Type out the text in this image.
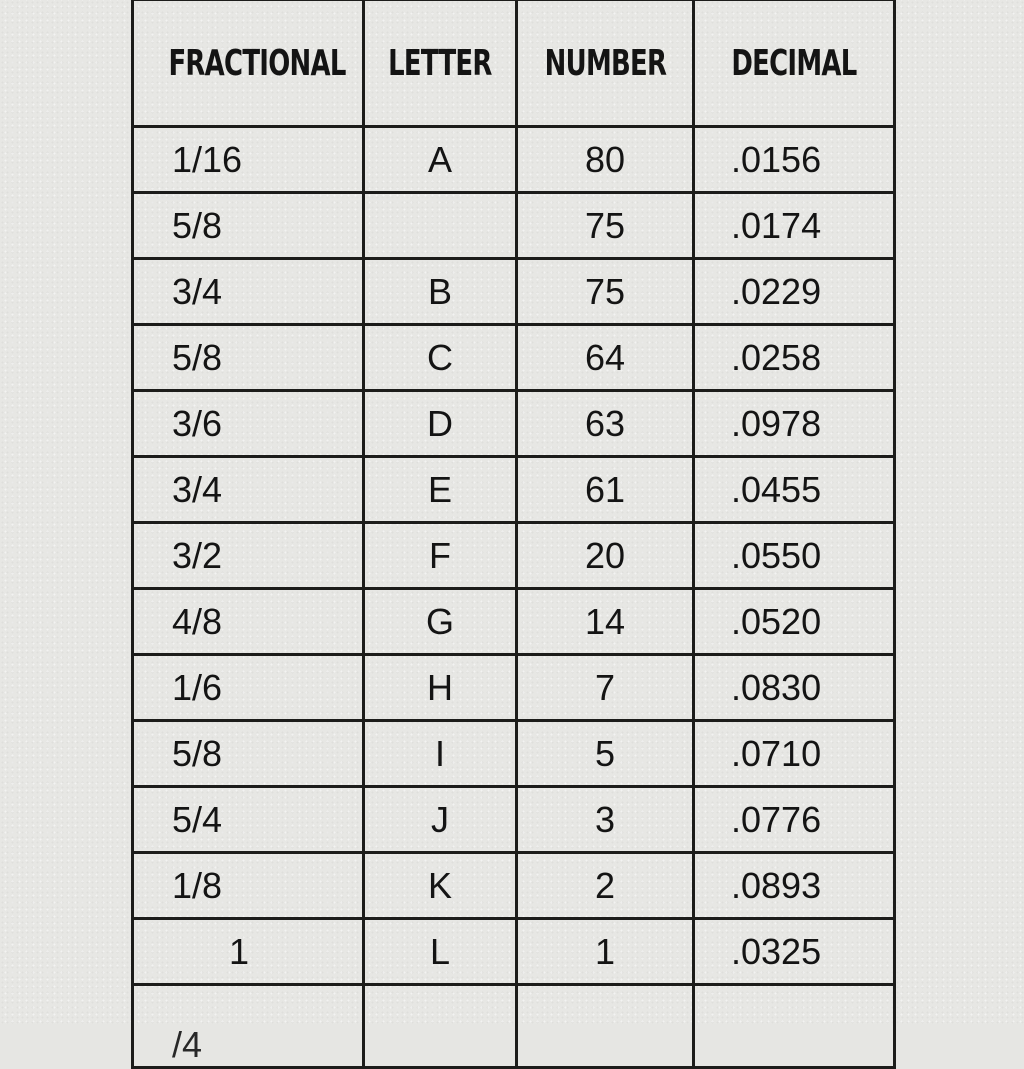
FRACTIONAL	LETTER	NUMBER	DECIMAL
1/16	A	80	.0156
5/8		75	.0174
3/4	B	75	.0229
5/8	C	64	.0258
3/6	D	63	.0978
3/4	E	61	.0455
3/2	F	20	.0550
4/8	G	14	.0520
1/6	H	7	.0830
5/8	I	5	.0710
5/4	J	3	.0776
1/8	K	2	.0893
1	L	1	.0325
/4			
